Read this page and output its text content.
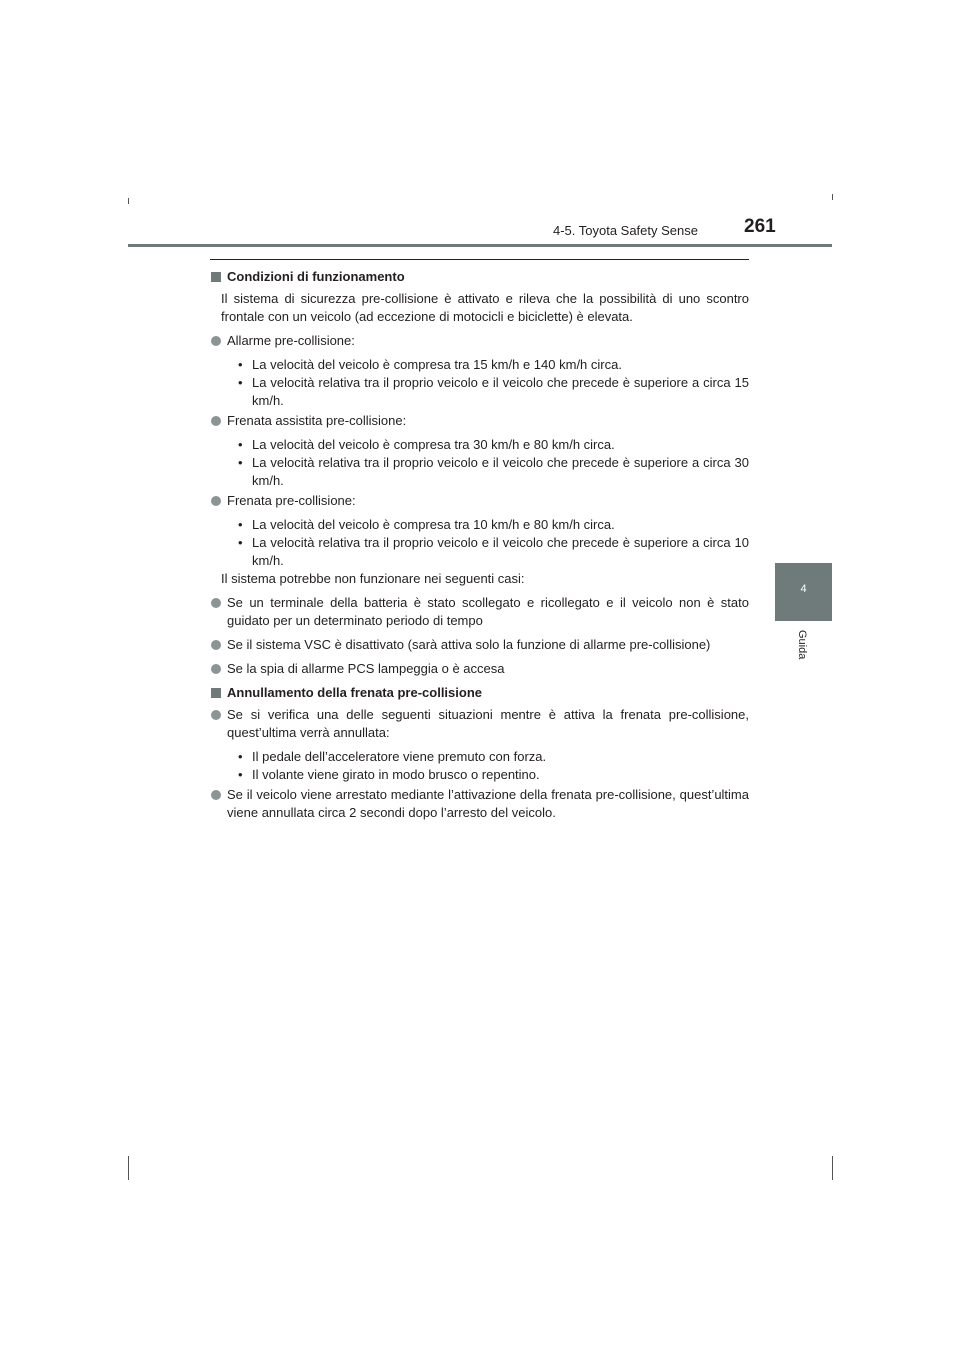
4-5. Toyota Safety Sense 261
4
Guida
Condizioni di funzionamento

Il sistema di sicurezza pre-collisione è attivato e rileva che la possibilità di uno scontro frontale con un veicolo (ad eccezione di motocicli e biciclette) è elevata.

Allarme pre-collisione:
• La velocità del veicolo è compresa tra 15 km/h e 140 km/h circa.
• La velocità relativa tra il proprio veicolo e il veicolo che precede è superiore a circa 15 km/h.
Frenata assistita pre-collisione:
• La velocità del veicolo è compresa tra 30 km/h e 80 km/h circa.
• La velocità relativa tra il proprio veicolo e il veicolo che precede è superiore a circa 30 km/h.
Frenata pre-collisione:
• La velocità del veicolo è compresa tra 10 km/h e 80 km/h circa.
• La velocità relativa tra il proprio veicolo e il veicolo che precede è superiore a circa 10 km/h.

Il sistema potrebbe non funzionare nei seguenti casi:

Se un terminale della batteria è stato scollegato e ricollegato e il veicolo non è stato guidato per un determinato periodo di tempo
Se il sistema VSC è disattivato (sarà attiva solo la funzione di allarme pre-collisione)
Se la spia di allarme PCS lampeggia o è accesa
Annullamento della frenata pre-collisione
Se si verifica una delle seguenti situazioni mentre è attiva la frenata pre-collisione, quest’ultima verrà annullata:
• Il pedale dell’acceleratore viene premuto con forza.
• Il volante viene girato in modo brusco o repentino.
Se il veicolo viene arrestato mediante l’attivazione della frenata pre-collisione, quest’ultima viene annullata circa 2 secondi dopo l’arresto del veicolo.
